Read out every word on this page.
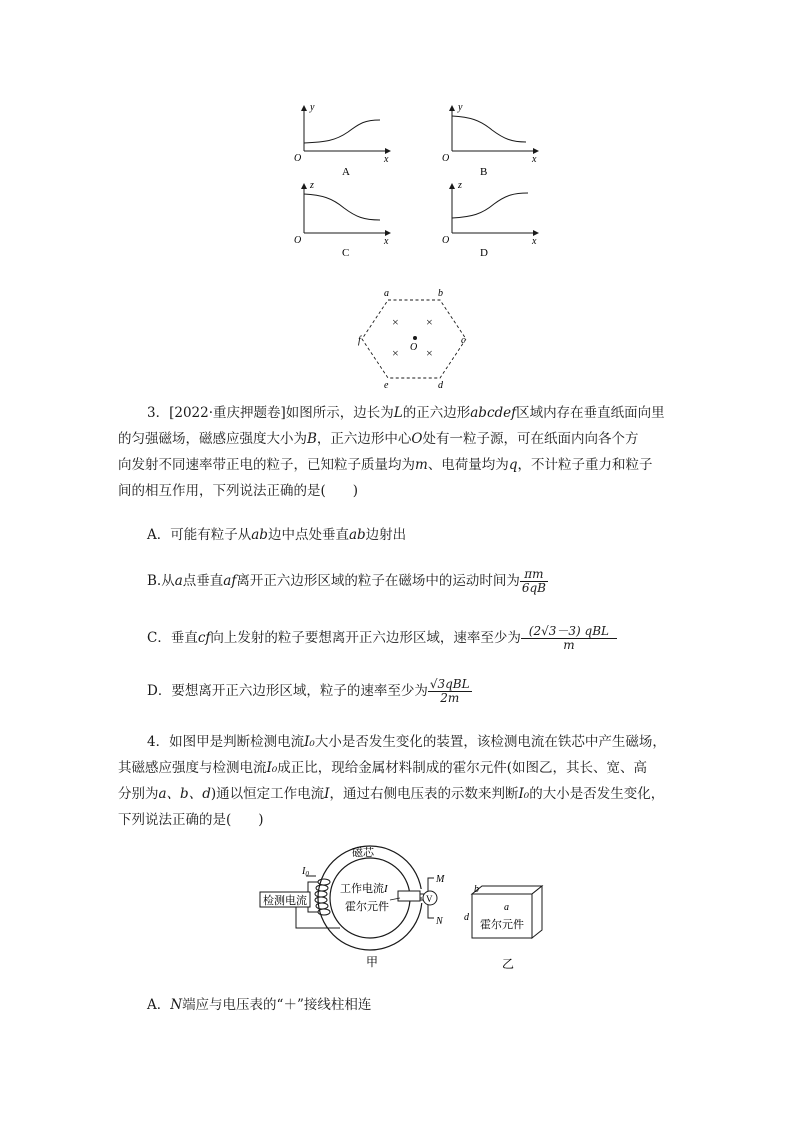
y
x
O
A
y
x
O
B
z
x
O
C
z
x
O
D
a	b
c
d
e
f
× ×
× ×
O
3．[2022·重庆押题卷]如图所示，边长为L的正六边形abcdef区域内存在垂直纸面向里
的匀强磁场，磁感应强度大小为B，正六边形中心O处有一粒子源，可在纸面内向各个方
向发射不同速率带正电的粒子，已知粒子质量均为m、电荷量均为q，不计粒子重力和粒子
间的相互作用，下列说法正确的是(　　)
A．可能有粒子从ab边中点处垂直ab边射出
B.从a点垂直af离开正六边形区域的粒子在磁场中的运动时间为 $\frac{\pi m}{6qB}$
C．垂直cf向上发射的粒子要想离开正六边形区域，速率至少为 $\frac{\text{(2√3－3) qBL}}{m}$
D．要想离开正六边形区域，粒子的速率至少为 $\frac{\text{√3qBL}}{2m}$
4．如图甲是判断检测电流I₀大小是否发生变化的装置，该检测电流在铁芯中产生磁场，
其磁感应强度与检测电流I₀成正比，现给金属材料制成的霍尔元件(如图乙，其长、宽、高
分别为a、b、d)通以恒定工作电流I，通过右侧电压表的示数来判断I₀的大小是否发生变化，
下列说法正确的是(　　)
磁芯
$I_0$
检测电流
工作电流I
霍尔元件
V
M
N
甲
b
d
a
霍尔元件
乙
A．N端应与电压表的“＋”接线柱相连
